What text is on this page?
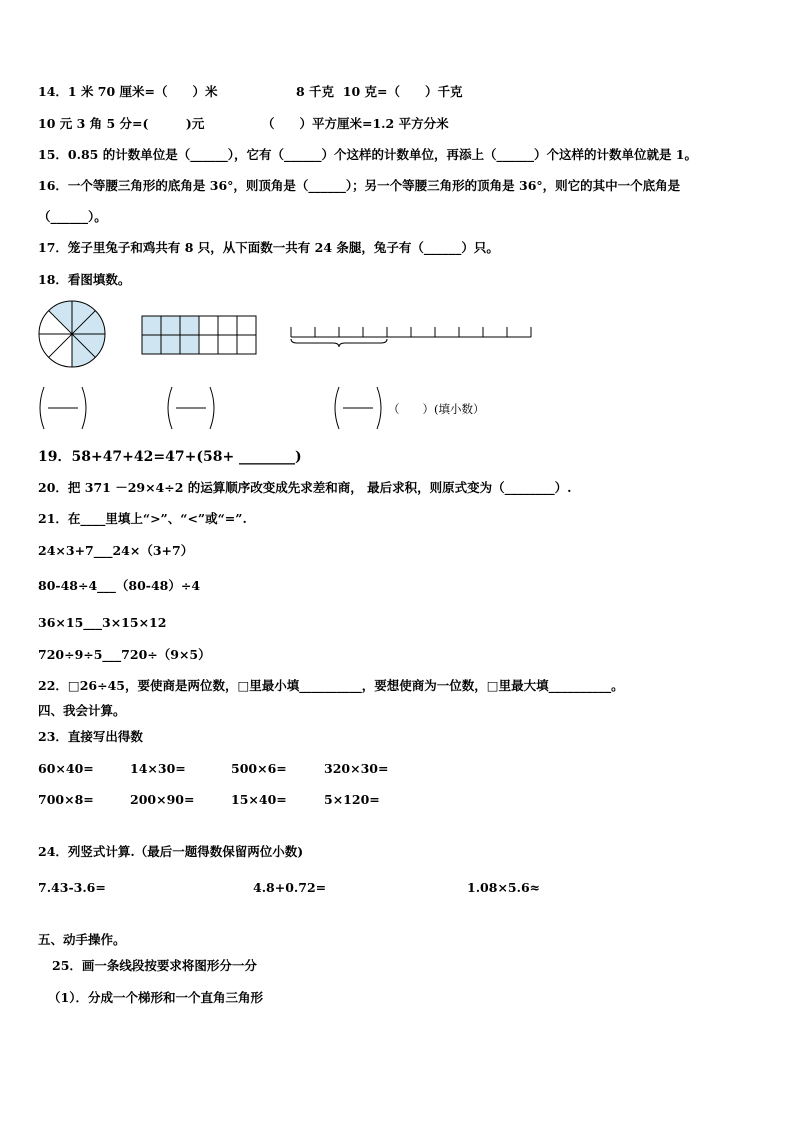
14．1 米 70 厘米=（　　）米	8 千克  10 克=（　　）千克
10 元 3 角 5 分=(　　　)元	（　　）平方厘米=1.2 平方分米
15．0.85 的计数单位是（______），它有（______）个这样的计数单位，再添上（______）个这样的计数单位就是 1。
16．一个等腰三角形的底角是 36°，则顶角是（______）；另一个等腰三角形的顶角是 36°，则它的其中一个底角是
（______）。
17．笼子里兔子和鸡共有 8 只，从下面数一共有 24 条腿，兔子有（______）只。
18．看图填数。
（　　）(填小数）
19．58+47+42=47+(58+ ________)
20．把 371 －29×4÷2 的运算顺序改变成先求差和商， 最后求积，则原式变为（________）.
21．在____里填上“>”、“<”或“=”.
24×3+7___24×（3+7）
80-48÷4___（80-48）÷4
36×15___3×15×12
720÷9÷5___720÷（9×5）
22．□26÷45，要使商是两位数，□里最小填__________，要想使商为一位数，□里最大填__________。
四、我会计算。
23．直接写出得数
60×40=	14×30=	500×6=	320×30=
700×8=	200×90=	15×40=	5×120=
24．列竖式计算.（最后一题得数保留两位小数)
7.43-3.6=	4.8+0.72=	1.08×5.6≈
五、动手操作。
25．画一条线段按要求将图形分一分
（1）．分成一个梯形和一个直角三角形
